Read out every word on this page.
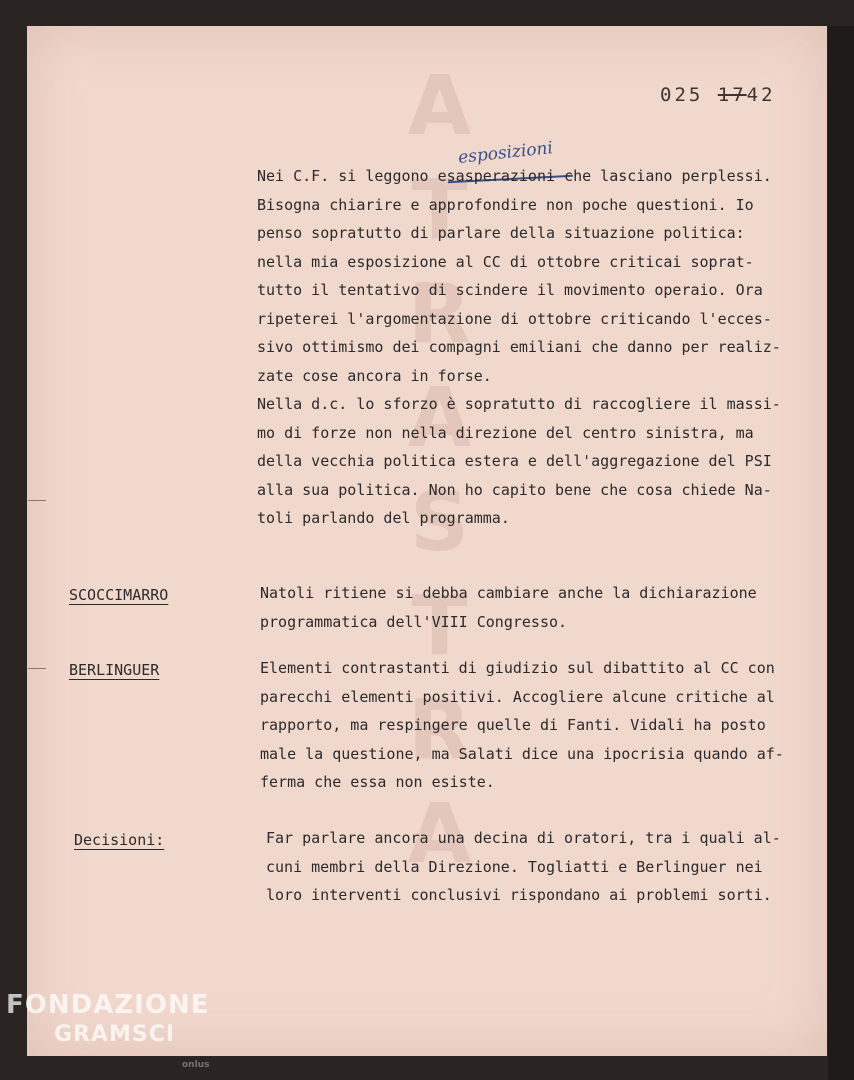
A
T
R
A
S
T
R
A
025 1742
esposizioni
Nei C.F. si leggono esasperazioni che lasciano perplessi.
Bisogna chiarire e approfondire non poche questioni. Io
penso sopratutto di parlare della situazione politica:
nella mia esposizione al CC di ottobre criticai soprat-
tutto il tentativo di scindere il movimento operaio. Ora
ripeterei l'argomentazione di ottobre criticando l'ecces-
sivo ottimismo dei compagni emiliani che danno per realiz-
zate cose ancora in forse.
Nella d.c. lo sforzo è sopratutto di raccogliere il massi-
mo di forze non nella direzione del centro sinistra, ma
della vecchia politica estera e dell'aggregazione del PSI
alla sua politica. Non ho capito bene che cosa chiede Na-
toli parlando del programma.
SCOCCIMARRO	Natoli ritiene si debba cambiare anche la dichiarazione
programmatica dell'VIII Congresso.
BERLINGUER	Elementi contrastanti di giudizio sul dibattito al CC con
parecchi elementi positivi. Accogliere alcune critiche al
rapporto, ma respingere quelle di Fanti. Vidali ha posto
male la questione, ma Salati dice una ipocrisia quando af-
ferma che essa non esiste.
Decisioni:	Far parlare ancora una decina di oratori, tra i quali al-
cuni membri della Direzione. Togliatti e Berlinguer nei
loro interventi conclusivi rispondano ai problemi sorti.
FONDAZIONE
GRAMSCI
onlus
